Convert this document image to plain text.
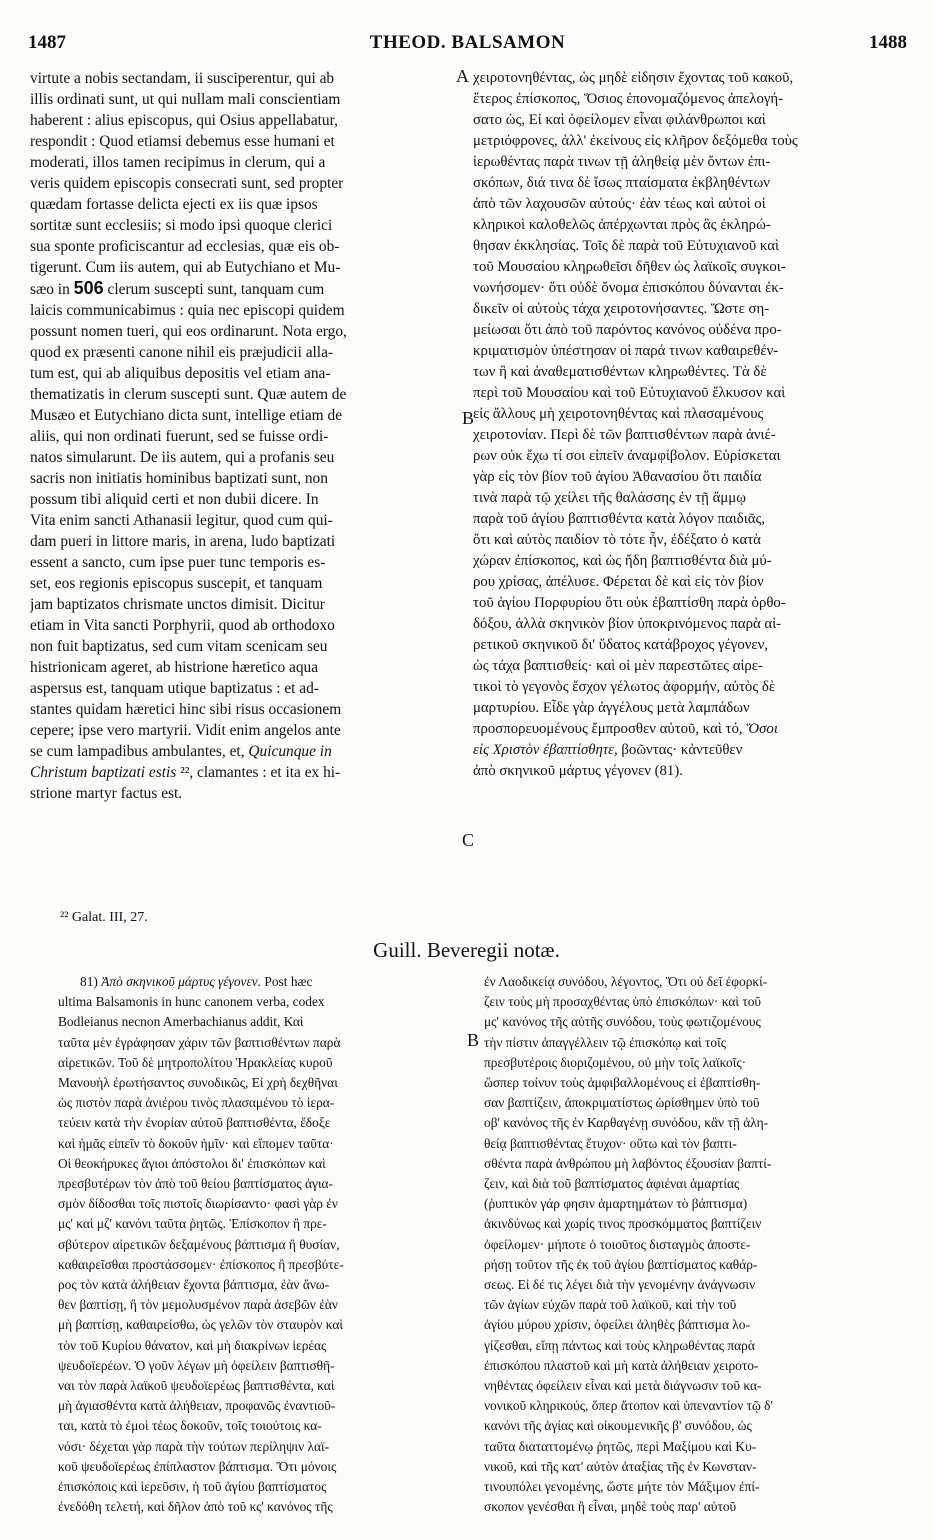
1487	THEOD. BALSAMON	1488
virtute a nobis sectandam, ii susciperentur, qui ab
illis ordinati sunt, ut qui nullam mali conscientiam
haberent : alius episcopus, qui Osius appellabatur,
respondit : Quod etiamsi debemus esse humani et
moderati, illos tamen recipimus in clerum, qui a
veris quidem episcopis consecrati sunt, sed propter
quædam fortasse delicta ejecti ex iis quæ ipsos
sortitæ sunt ecclesiis; si modo ipsi quoque clerici
sua sponte proficiscantur ad ecclesias, quæ eis ob-
tigerunt. Cum iis autem, qui ab Eutychiano et Mu-
sæo in 506 clerum suscepti sunt, tanquam cum
laicis communicabimus : quia nec episcopi quidem
possunt nomen tueri, qui eos ordinarunt. Nota ergo,
quod ex præsenti canone nihil eis præjudicii alla-
tum est, qui ab aliquibus depositis vel etiam ana-
thematizatis in clerum suscepti sunt. Quæ autem de
Musæo et Eutychiano dicta sunt, intellige etiam de
aliis, qui non ordinati fuerunt, sed se fuisse ordi-
natos simularunt. De iis autem, qui a profanis seu
sacris non initiatis hominibus baptizati sunt, non
possum tibi aliquid certi et non dubii dicere. In
Vita enim sancti Athanasii legitur, quod cum qui-
dam pueri in littore maris, in arena, ludo baptizati
essent a sancto, cum ipse puer tunc temporis es-
set, eos regionis episcopus suscepit, et tanquam
jam baptizatos chrismate unctos dimisit. Dicitur
etiam in Vita sancti Porphyrii, quod ab orthodoxo
non fuit baptizatus, sed cum vitam scenicam seu
histrionicam ageret, ab histrione hæretico aqua
aspersus est, tanquam utique baptizatus : et ad-
stantes quidam hæretici hinc sibi risus occasionem
cepere; ipse vero martyrii. Vidit enim angelos ante
se cum lampadibus ambulantes, et, Quicunque in
Christum baptizati estis ²², clamantes : et ita ex hi-
strione martyr factus est.
χειροτονηθέντας, ὡς μηδὲ εἰδησιν ἔχοντας τοῦ κακοῦ,
ἕτερος ἐπίσκοπος, Ὅσιος ἐπονομαζόμενος ἀπελογή-
σατο ὡς, Εἰ καὶ ὀφείλομεν εἶναι φιλάνθρωποι καὶ
μετριόφρονες, ἀλλ' ἐκείνους εἰς κλῆρον δεξόμεθα τοὺς
ἱερωθέντας παρὰ τινων τῇ ἀληθείᾳ μὲν ὄντων ἐπι-
σκόπων, διά τινα δὲ ἴσως πταίσματα ἐκβληθέντων
ἀπὸ τῶν λαχουσῶν αὐτούς· ἐὰν τέως καὶ αὐτοὶ οἱ
κληρικοὶ καλοθελῶς ἀπέρχωνται πρὸς ἃς ἐκληρώ-
θησαν ἐκκλησίας. Τοῖς δὲ παρὰ τοῦ Εὐτυχιανοῦ καὶ
τοῦ Μουσαίου κληρωθεῖσι δῆθεν ὡς λαϊκοῖς συγκοι-
νωνήσομεν· ὅτι οὐδὲ ὄνομα ἐπισκόπου δύνανται ἐκ-
δικεῖν οἱ αὐτοὺς τάχα χειροτονήσαντες. Ὥστε ση-
μείωσαι ὅτι ἀπὸ τοῦ παρόντος κανόνος οὐδένα προ-
κριματισμὸν ὑπέστησαν οἱ παρά τινων καθαιρεθέν-
των ἢ καὶ ἀναθεματισθέντων κληρωθέντες. Τὰ δὲ
περὶ τοῦ Μουσαίου καὶ τοῦ Εὐτυχιανοῦ ἕλκυσον καὶ
εἰς ἄλλους μὴ χειροτονηθέντας καὶ πλασαμένους
χειροτονίαν. Περὶ δὲ τῶν βαπτισθέντων παρὰ ἀνιέ-
ρων οὐκ ἔχω τί σοι εἰπεῖν ἀναμφίβολον. Εὑρίσκεται
γὰρ εἰς τὸν βίον τοῦ ἁγίου Ἀθανασίου ὅτι παιδία
τινὰ παρὰ τῷ χείλει τῆς θαλάσσης ἐν τῇ ἄμμῳ
παρὰ τοῦ ἁγίου βαπτισθέντα κατὰ λόγον παιδιᾶς,
ὅτι καὶ αὐτὸς παιδίον τὸ τότε ἦν, ἐδέξατο ὁ κατὰ
χώραν ἐπίσκοπος, καὶ ὡς ἤδη βαπτισθέντα διὰ μύ-
ρου χρίσας, ἀπέλυσε. Φέρεται δὲ καὶ εἰς τὸν βίον
τοῦ ἁγίου Πορφυρίου ὅτι οὐκ ἐβαπτίσθη παρὰ ὀρθο-
δόξου, ἀλλὰ σκηνικὸν βίον ὑποκρινόμενος παρὰ αἱ-
ρετικοῦ σκηνικοῦ δι' ὕδατος κατάβροχος γέγονεν,
ὡς τάχα βαπτισθείς· καὶ οἱ μὲν παρεστῶτες αἱρε-
τικοὶ τὸ γεγονὸς ἔσχον γέλωτος ἀφορμήν, αὐτὸς δὲ
μαρτυρίου. Εἶδε γὰρ ἀγγέλους μετὰ λαμπάδων
προσπορευομένους ἔμπροσθεν αὐτοῦ, καὶ τό, Ὅσοι
εἰς Χριστὸν ἐβαπτίσθητε, βοῶντας· κἀντεῦθεν
ἀπὸ σκηνικοῦ μάρτυς γέγονεν (81).
A
B
C
B
²² Galat. III, 27.
Guill. Beveregii notæ.
81) Ἀπὸ σκηνικοῦ μάρτυς γέγονεν. Post hæc
ultima Balsamonis in hunc canonem verba, codex
Bodleianus necnon Amerbachianus addit, Καὶ
ταῦτα μὲν ἐγράφησαν χάριν τῶν βαπτισθέντων παρὰ
αἱρετικῶν. Τοῦ δὲ μητροπολίτου Ἡρακλείας κυροῦ
Μανουὴλ ἐρωτήσαντος συνοδικῶς, Εἰ χρὴ δεχθῆναι
ὡς πιστὸν παρὰ ἀνιέρου τινὸς πλασαμένου τὸ ἱερα-
τεύειν κατὰ τὴν ἐνορίαν αὐτοῦ βαπτισθέντα, ἔδοξε
καὶ ἡμᾶς εἰπεῖν τὸ δοκοῦν ἡμῖν· καὶ εἴπομεν ταῦτα·
Οἱ θεοκήρυκες ἅγιοι ἀπόστολοι δι' ἐπισκόπων καὶ
πρεσβυτέρων τὸν ἀπὸ τοῦ θείου βαπτίσματος ἁγια-
σμὸν δίδοσθαι τοῖς πιστοῖς διωρίσαντο· φασὶ γὰρ ἐν
μς' καὶ μζ' κανόνι ταῦτα ῥητῶς. Ἐπίσκοπον ἢ πρε-
σβύτερον αἱρετικῶν δεξαμένους βάπτισμα ἢ θυσίαν,
καθαιρεῖσθαι προστάσσομεν· ἐπίσκοπος ἢ πρεσβύτε-
ρος τὸν κατὰ ἀλήθειαν ἔχοντα βάπτισμα, ἐὰν ἄνω-
θεν βαπτίσῃ, ἢ τὸν μεμολυσμένον παρὰ ἀσεβῶν ἐὰν
μὴ βαπτίσῃ, καθαιρείσθω, ὡς γελῶν τὸν σταυρὸν καὶ
τὸν τοῦ Κυρίου θάνατον, καὶ μὴ διακρίνων ἱερέας
ψευδοϊερέων. Ὁ γοῦν λέγων μὴ ὀφείλειν βαπτισθῆ-
ναι τὸν παρὰ λαϊκοῦ ψευδοϊερέως βαπτισθέντα, καὶ
μὴ ἁγιασθέντα κατὰ ἀλήθειαν, προφανῶς ἐναντιοῦ-
ται, κατὰ τὸ ἐμοὶ τέως δοκοῦν, τοῖς τοιούτοις κα-
νόσι· δέχεται γὰρ παρὰ τὴν τούτων περίληψιν λαϊ-
κοῦ ψευδοϊερέως ἐπίπλαστον βάπτισμα. Ὅτι μόνοις
ἐπισκόποις καὶ ἱερεῦσιν, ἡ τοῦ ἁγίου βαπτίσματος
ἐνεδόθη τελετή, καὶ δῆλον ἀπὸ τοῦ κς' κανόνος τῆς
ἐν Λαοδικείᾳ συνόδου, λέγοντος, Ὅτι οὐ δεῖ ἐφορκί-
ζειν τοὺς μὴ προσαχθέντας ὑπὸ ἐπισκόπων· καὶ τοῦ
μς' κανόνος τῆς αὐτῆς συνόδου, τοὺς φωτιζομένους
τὴν πίστιν ἀπαγγέλλειν τῷ ἐπισκόπῳ καὶ τοῖς
πρεσβυτέροις διοριζομένου, οὐ μὴν τοῖς λαϊκοῖς·
ὥσπερ τοίνυν τοὺς ἀμφιβαλλομένους εἰ ἐβαπτίσθη-
σαν βαπτίζειν, ἀποκριματίστως ὡρίσθημεν ὑπὸ τοῦ
οβ' κανόνος τῆς ἐν Καρθαγένῃ συνόδου, κἂν τῇ ἀλη-
θείᾳ βαπτισθέντας ἔτυχον· οὕτω καὶ τὸν βαπτι-
σθέντα παρὰ ἀνθρώπου μὴ λαβόντος ἐξουσίαν βαπτί-
ζειν, καὶ διὰ τοῦ βαπτίσματος ἀφιέναι ἁμαρτίας
(ῥυπτικὸν γάρ φησιν ἁμαρτημάτων τὸ βάπτισμα)
ἀκινδύνως καὶ χωρίς τινος προσκόμματος βαπτίζειν
ὀφείλομεν· μήποτε ὁ τοιοῦτος δισταγμὸς ἀποστε-
ρήσῃ τοῦτον τῆς ἐκ τοῦ ἁγίου βαπτίσματος καθάρ-
σεως. Εἰ δέ τις λέγει διὰ τὴν γενομένην ἀνάγνωσιν
τῶν ἁγίων εὐχῶν παρὰ τοῦ λαϊκοῦ, καὶ τὴν τοῦ
ἁγίου μύρου χρίσιν, ὀφείλει ἀληθὲς βάπτισμα λο-
γίζεσθαι, εἴπῃ πάντως καὶ τοὺς κληρωθέντας παρὰ
ἐπισκόπου πλαστοῦ καὶ μὴ κατὰ ἀλήθειαν χειροτο-
νηθέντας ὀφείλειν εἶναι καὶ μετὰ διάγνωσιν τοῦ κα-
νονικοῦ κληρικούς, ὅπερ ἄτοπον καὶ ὑπεναντίον τῷ δ'
κανόνι τῆς ἁγίας καὶ οἰκουμενικῆς β' συνόδου, ὡς
ταῦτα διαταττομένῳ ῥητῶς, περὶ Μαξίμου καὶ Κυ-
νικοῦ, καὶ τῆς κατ' αὐτὸν ἀταξίας τῆς ἐν Κωνσταν-
τινουπόλει γενομένης, ὥστε μήτε τὸν Μάξιμον ἐπί-
σκοπον γενέσθαι ἢ εἶναι, μηδὲ τοὺς παρ' αὐτοῦ
